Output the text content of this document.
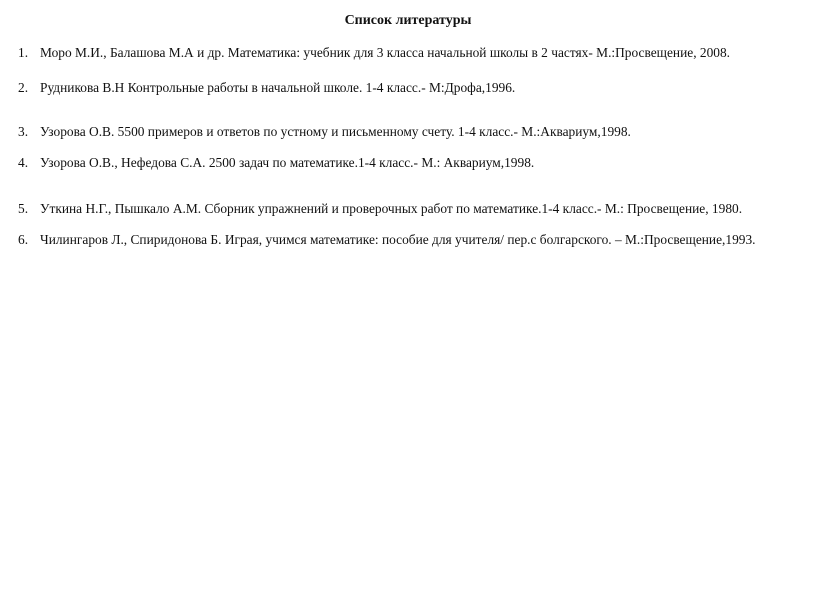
Список литературы
1. Моро М.И., Балашова М.А и др. Математика: учебник для 3 класса начальной школы в 2 частях- М.:Просвещение, 2008.
2. Рудникова В.Н Контрольные работы в начальной школе. 1-4 класс.- М:Дрофа,1996.
3. Узорова О.В. 5500 примеров и ответов по устному и письменному счету. 1-4 класс.- М.:Аквариум,1998.
4. Узорова О.В., Нефедова С.А. 2500 задач по математике.1-4 класс.- М.: Аквариум,1998.
5. Уткина Н.Г., Пышкало А.М. Сборник упражнений и проверочных работ по математике.1-4 класс.- М.: Просвещение, 1980.
6. Чилингаров Л., Спиридонова Б. Играя, учимся математике: пособие для учителя/ пер.с болгарского. – М.:Просвещение,1993.
